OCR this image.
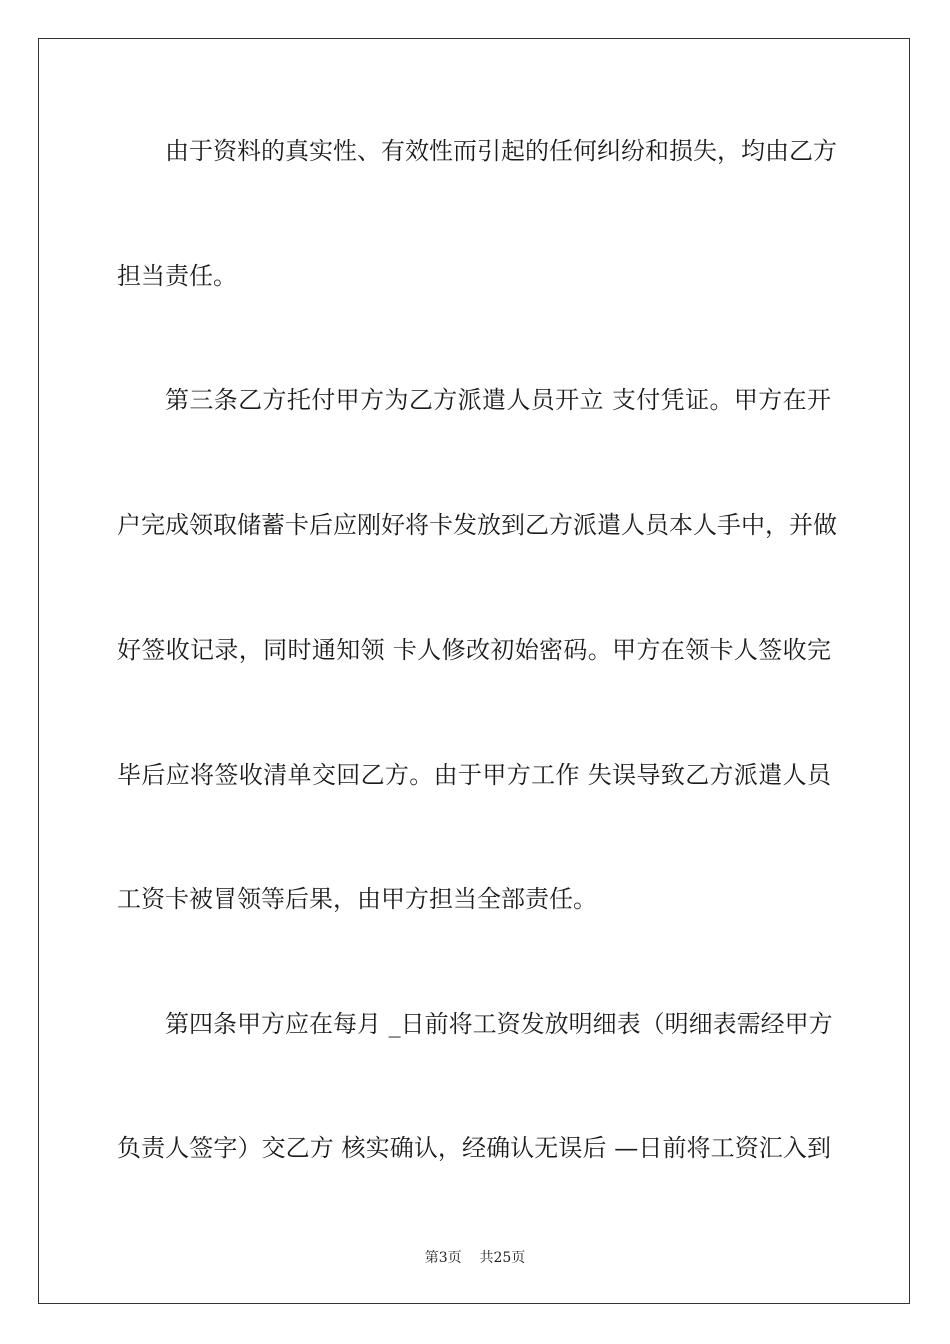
由于资料的真实性、有效性而引起的任何纠纷和损失，均由乙方
担当责任。
第三条乙方托付甲方为乙方派遣人员开立 支付凭证。甲方在开
户完成领取储蓄卡后应刚好将卡发放到乙方派遣人员本人手中，并做
好签收记录，同时通知领 卡人修改初始密码。甲方在领卡人签收完
毕后应将签收清单交回乙方。由于甲方工作 失误导致乙方派遣人员
工资卡被冒领等后果，由甲方担当全部责任。
第四条甲方应在每月 _日前将工资发放明细表（明细表需经甲方
负责人签字）交乙方 核实确认，经确认无误后 —日前将工资汇入到
第3页    共25页
